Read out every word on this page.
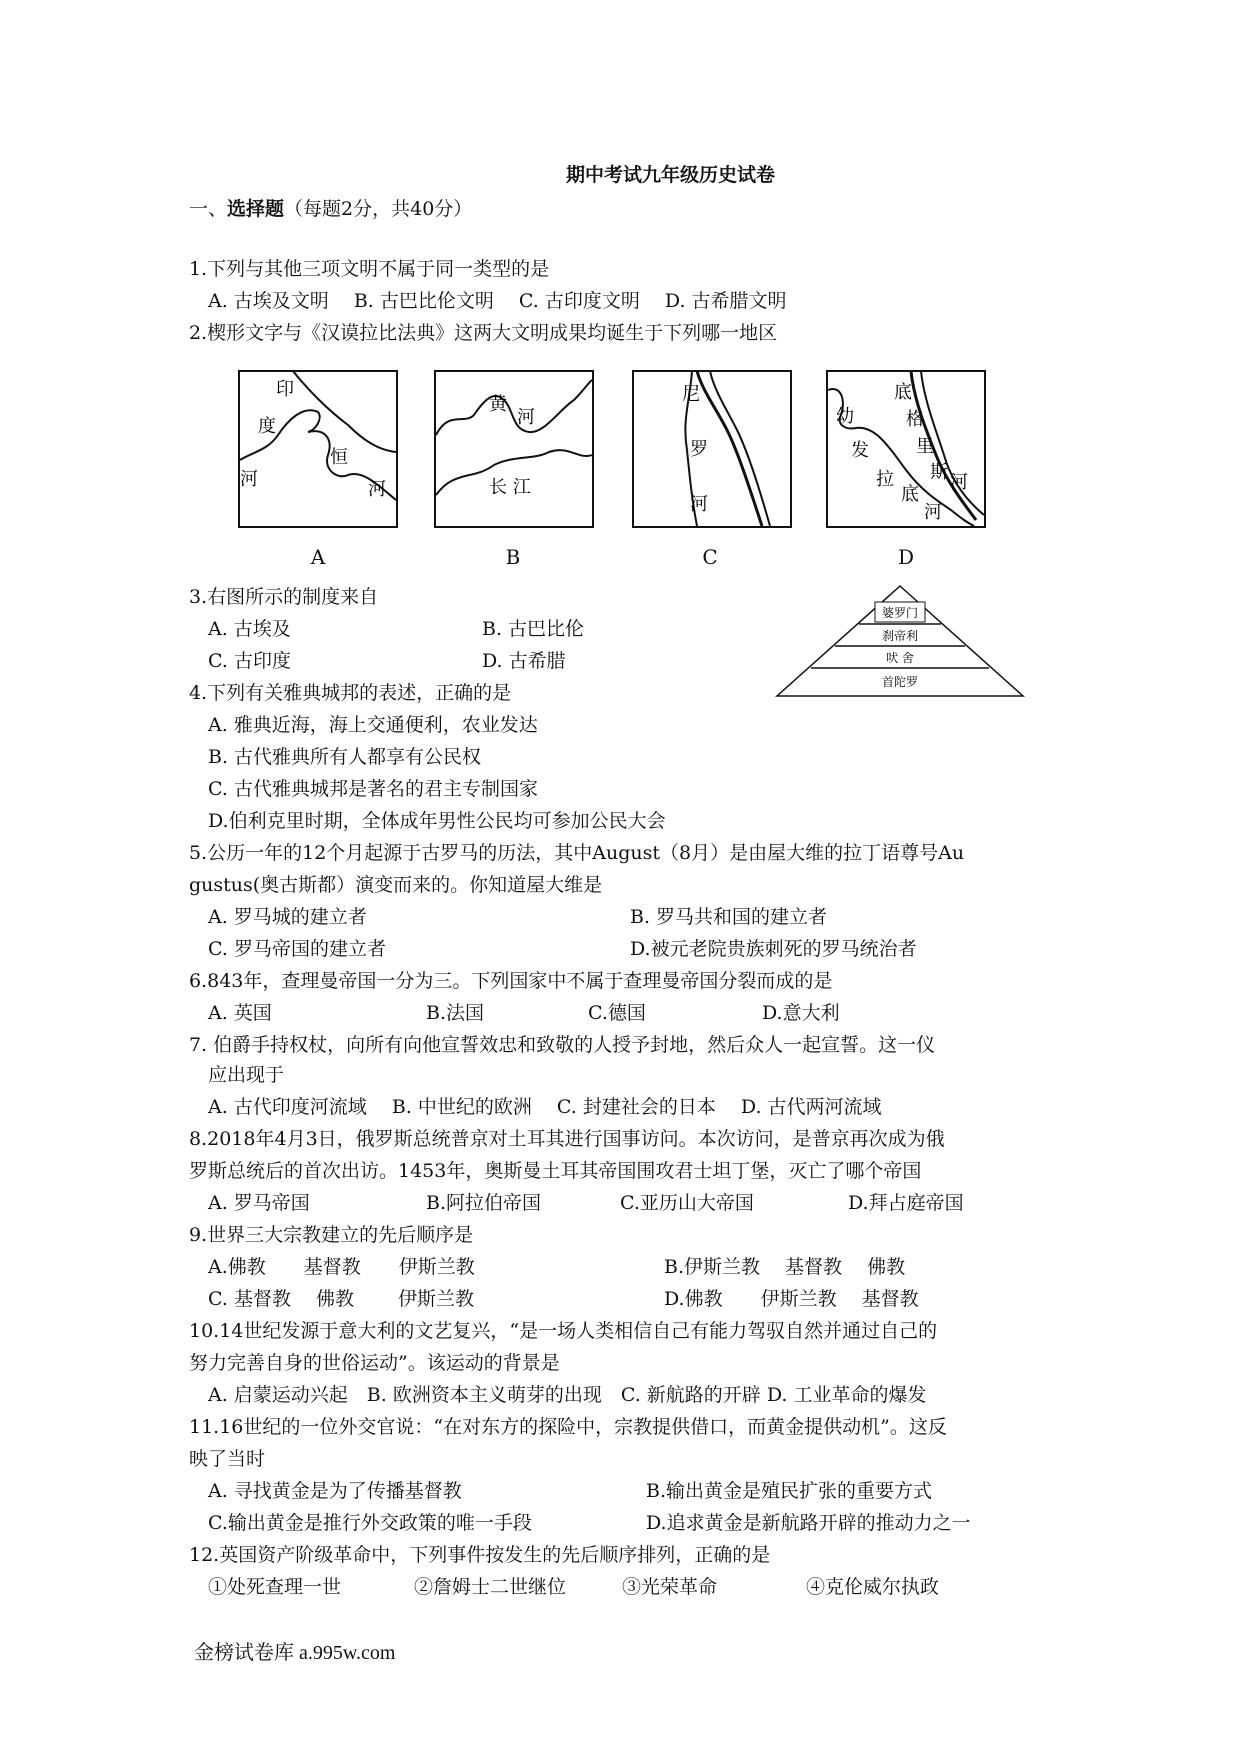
期中考试九年级历史试卷
一、选择题（每题2分，共40分）
1.下列与其他三项文明不属于同一类型的是
A. 古埃及文明　 B. 古巴比伦文明　 C. 古印度文明　 D. 古希腊文明
2.楔形文字与《汉谟拉比法典》这两大文明成果均诞生于下列哪一地区
印
度
河
恒
河
A
黄
河
长 江
B
尼
罗
河
C
底
格
里
斯 河
幼
发
拉
底
河
D
3.右图所示的制度来自
A. 古埃及	B. 古巴比伦
C. 古印度	D. 古希腊
婆罗门
刹帝利
吠 舍
首陀罗
4.下列有关雅典城邦的表述，正确的是
A. 雅典近海，海上交通便利，农业发达
B. 古代雅典所有人都享有公民权
C. 古代雅典城邦是著名的君主专制国家
D.伯利克里时期，全体成年男性公民均可参加公民大会
5.公历一年的12个月起源于古罗马的历法，其中August（8月）是由屋大维的拉丁语尊号Au
gustus(奥古斯都）演变而来的。你知道屋大维是
A. 罗马城的建立者	B. 罗马共和国的建立者
C. 罗马帝国的建立者	D.被元老院贵族刺死的罗马统治者
6.843年，查理曼帝国一分为三。下列国家中不属于查理曼帝国分裂而成的是
A. 英国	B.法国	C.德国	D.意大利
7. 伯爵手持权杖，向所有向他宣誓效忠和致敬的人授予封地，然后众人一起宣誓。这一仪
应出现于
A. 古代印度河流域　 B. 中世纪的欧洲　 C. 封建社会的日本　 D. 古代两河流域
8.2018年4月3日，俄罗斯总统普京对土耳其进行国事访问。本次访问，是普京再次成为俄
罗斯总统后的首次出访。1453年，奥斯曼土耳其帝国围攻君士坦丁堡，灭亡了哪个帝国
A. 罗马帝国	B.阿拉伯帝国	C.亚历山大帝国	D.拜占庭帝国
9.世界三大宗教建立的先后顺序是
A.佛教　　基督教　　伊斯兰教	B.伊斯兰教　 基督教　 佛教
C. 基督教　 佛教　　 伊斯兰教	D.佛教　　伊斯兰教　 基督教
10.14世纪发源于意大利的文艺复兴，“是一场人类相信自己有能力驾驭自然并通过自己的
努力完善自身的世俗运动”。该运动的背景是
A. 启蒙运动兴起　B. 欧洲资本主义萌芽的出现　C. 新航路的开辟 D. 工业革命的爆发
11.16世纪的一位外交官说：“在对东方的探险中，宗教提供借口，而黄金提供动机”。这反
映了当时
A. 寻找黄金是为了传播基督教	B.输出黄金是殖民扩张的重要方式
C.输出黄金是推行外交政策的唯一手段	D.追求黄金是新航路开辟的推动力之一
12.英国资产阶级革命中，下列事件按发生的先后顺序排列，正确的是
①处死查理一世	②詹姆士二世继位	③光荣革命	④克伦威尔执政
金榜试卷库 a.995w.com
